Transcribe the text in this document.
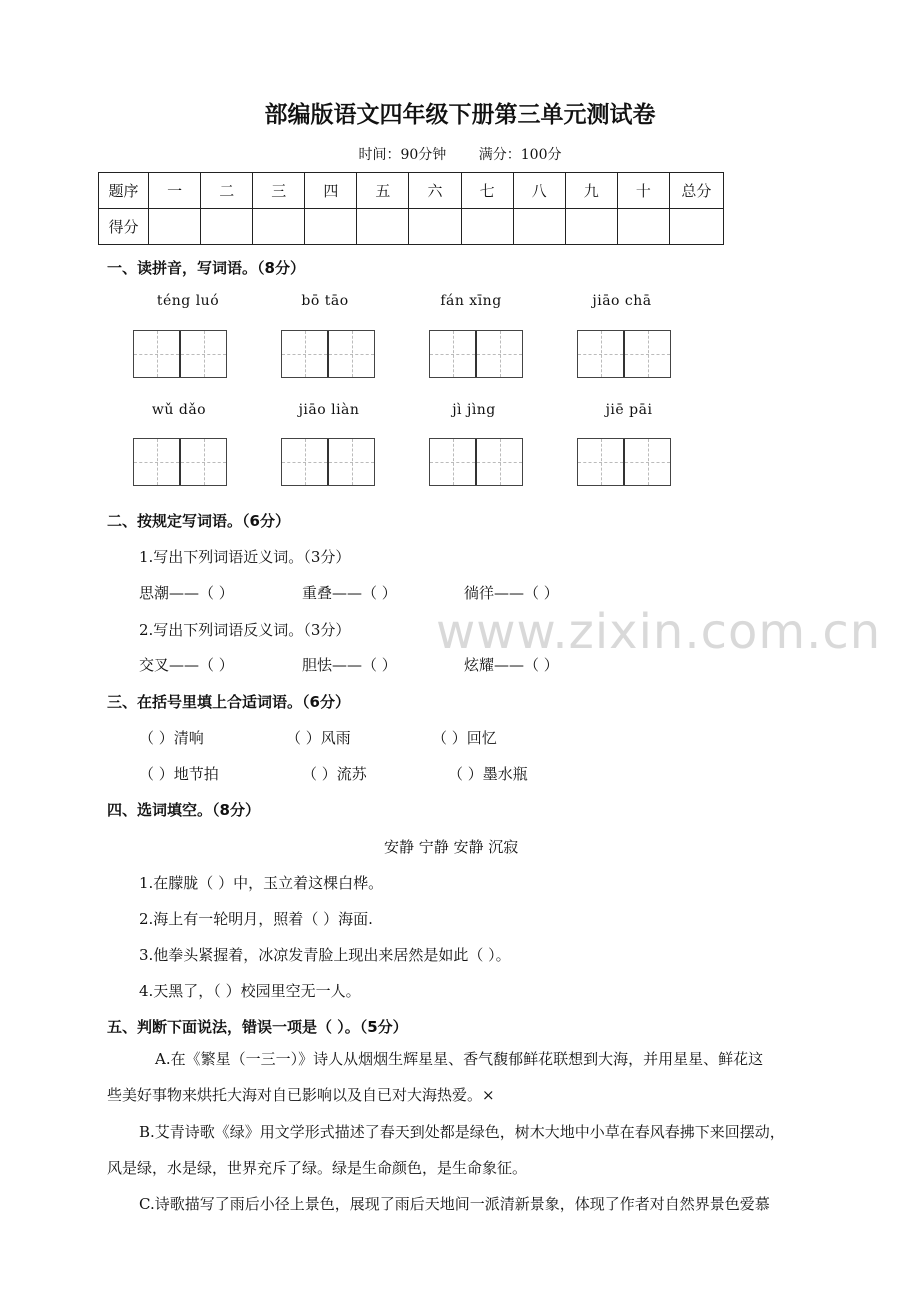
部编版语文四年级下册第三单元测试卷
时间：90分钟 满分：100分
题序	一	二	三	四	五	六	七	八	九	十	总分
得分											
一、读拼音，写词语。（8分）
téng luó	bō tāo	fán xīng	jiāo chā
wǔ dǎo	jiāo liàn	jì jìng	jiē pāi
二、按规定写词语。（6分）
1.写出下列词语近义词。（3分）
思潮——（ ）	重叠——（ ）	徜徉——（ ）
2.写出下列词语反义词。（3分）
交叉——（ ）	胆怯——（ ）	炫耀——（ ）
三、在括号里填上合适词语。（6分）
（ ）清响	（ ）风雨	（ ）回忆
（ ）地节拍	（ ）流苏	（ ）墨水瓶
四、选词填空。（8分）
安静 宁静 安静 沉寂
1.在朦胧（ ）中，玉立着这棵白桦。
2.海上有一轮明月，照着（ ）海面.
3.他拳头紧握着，冰凉发青脸上现出来居然是如此（ ）。
4.天黑了，（ ）校园里空无一人。
五、判断下面说法，错误一项是（ ）。（5分）
A.在《繁星（一三一）》诗人从烟烟生辉星星、香气馥郁鲜花联想到大海，并用星星、鲜花这
些美好事物来烘托大海对自已影响以及自已对大海热爱。×
B.艾青诗歌《绿》用文学形式描述了春天到处都是绿色，树木大地中小草在春风春拂下来回摆动，
风是绿，水是绿，世界充斥了绿。绿是生命颜色，是生命象征。
C.诗歌描写了雨后小径上景色，展现了雨后天地间一派清新景象，体现了作者对自然界景色爱慕
www.zixin.com.cn
